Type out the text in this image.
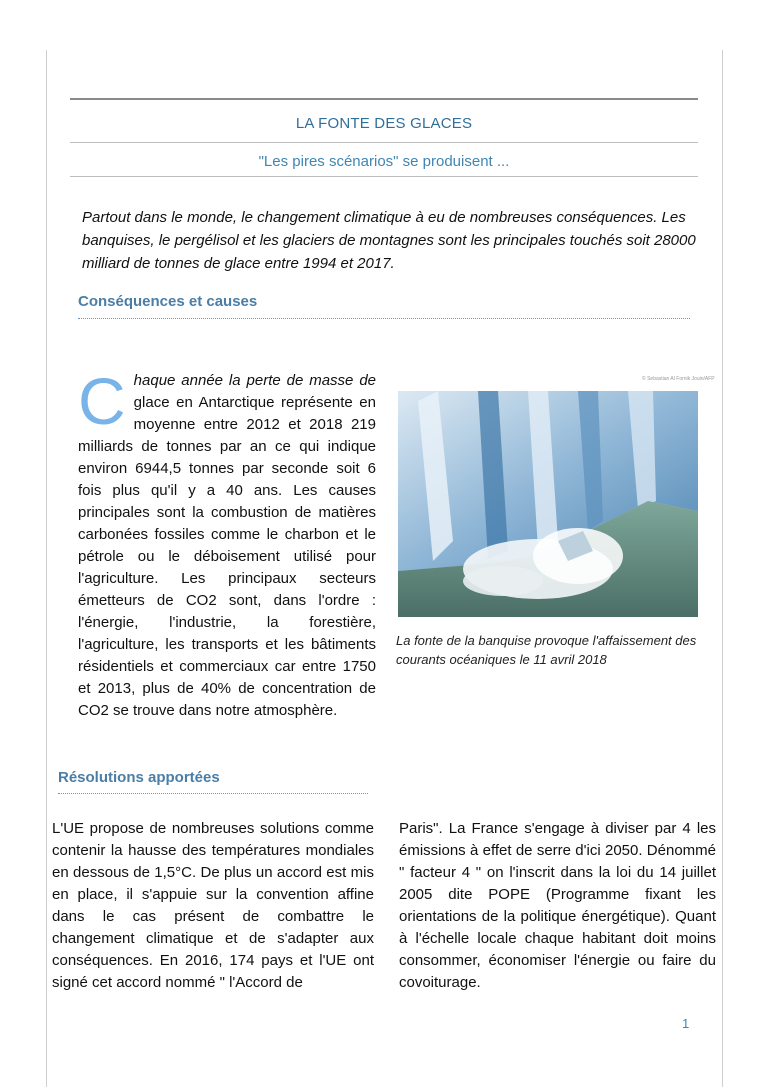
LA FONTE DES GLACES
"Les pires scénarios" se produisent ...
Partout dans le monde, le changement climatique à eu de nombreuses conséquences. Les banquises, le pergélisol et les glaciers de montagnes sont les principales touchés soit 28000 milliard de tonnes de glace entre 1994 et 2017.
Conséquences et causes
C haque année la perte de masse de glace en Antarctique représente en moyenne entre 2012 et 2018 219 milliards de tonnes par an ce qui indique environ 6944,5 tonnes par seconde soit 6 fois plus qu'il y a 40 ans. Les causes principales sont la combustion de matières carbonées fossiles comme le charbon et le pétrole ou le déboisement utilisé pour l'agriculture. Les principaux secteurs émetteurs de CO2 sont, dans l'ordre : l'énergie, l'industrie, la forestière, l'agriculture, les transports et les bâtiments résidentiels et commerciaux car entre 1750 et 2013, plus de 40% de concentration de CO2 se trouve dans notre atmosphère.
© Sebastian Al Fornik Jouin/AFP
La fonte de la banquise provoque l'affaissement des courants océaniques le 11 avril 2018
Résolutions apportées
L'UE propose de nombreuses solutions comme contenir la hausse des températures mondiales en dessous de 1,5°C. De plus un accord est mis en place, il s'appuie sur la convention affine dans le cas présent de combattre le changement climatique et de s'adapter aux conséquences. En 2016, 174 pays et l'UE ont signé cet accord nommé " l'Accord de
Paris". La France s'engage à diviser par 4 les émissions à effet de serre d'ici 2050. Dénommé " facteur 4 " on l'inscrit dans la loi du 14 juillet 2005 dite POPE (Programme fixant les orientations de la politique énergétique). Quant à l'échelle locale chaque habitant doit moins consommer, économiser l'énergie ou faire du covoiturage.
1
